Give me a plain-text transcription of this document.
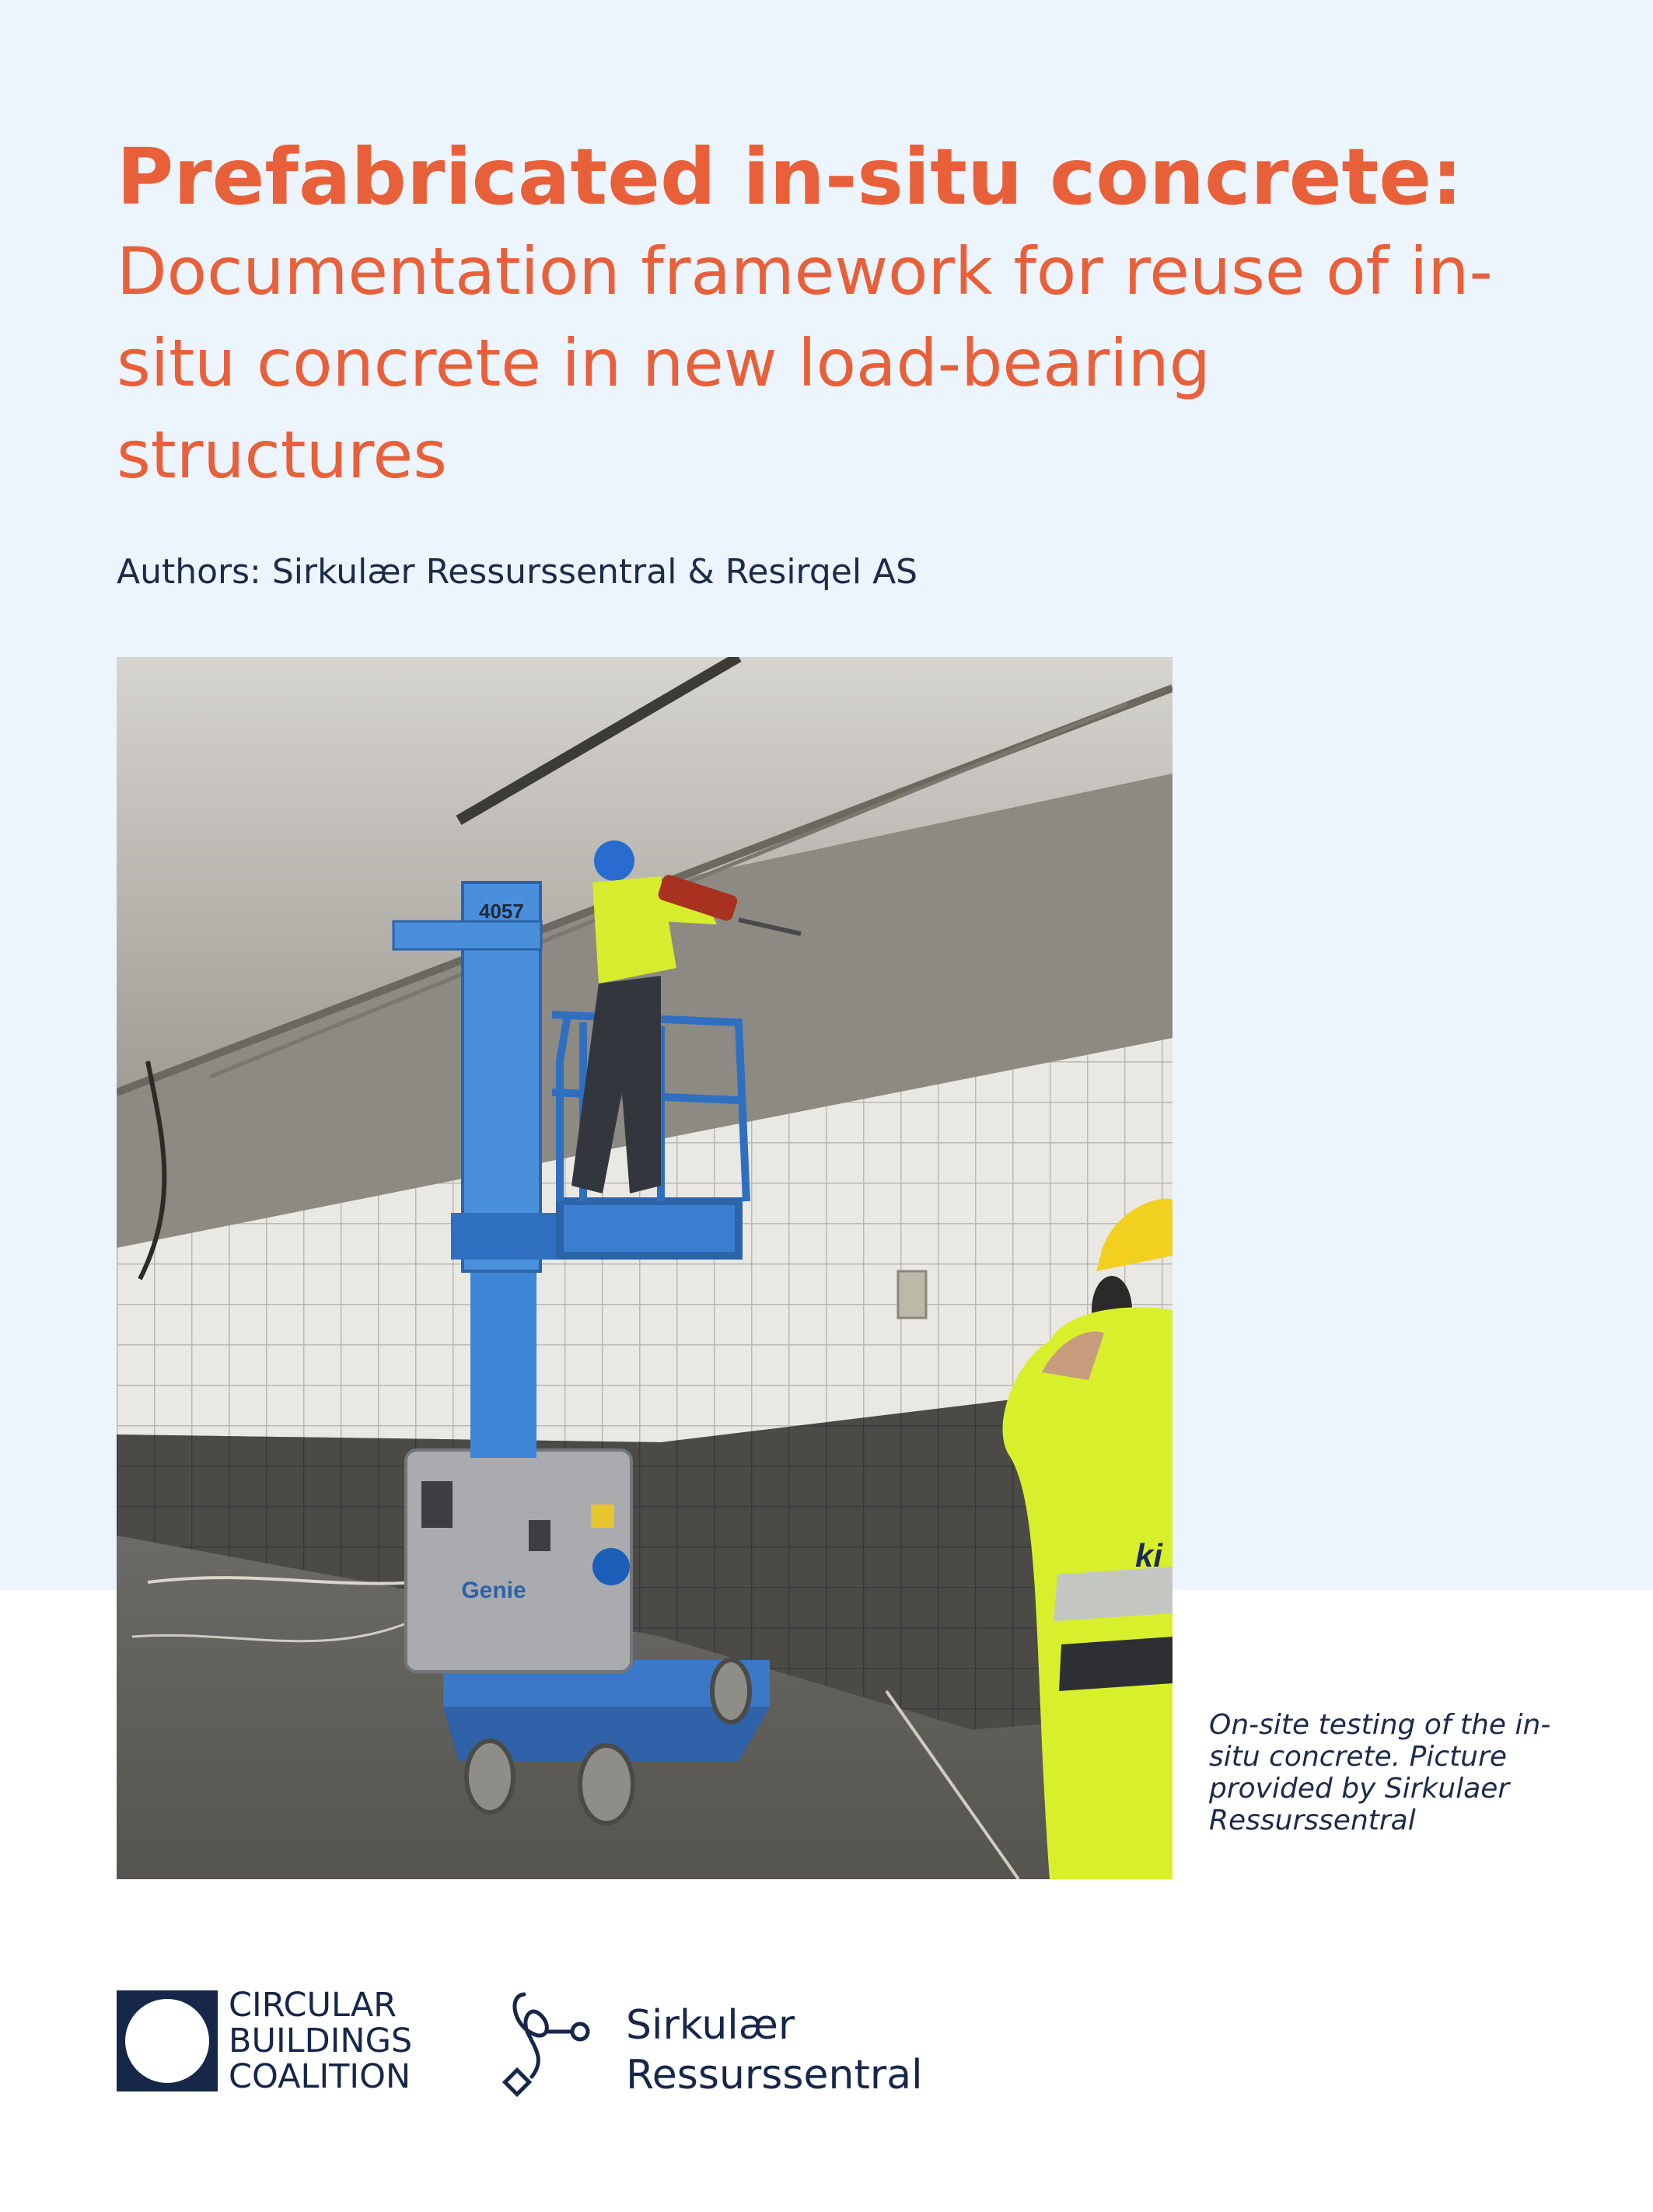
Prefabricated in-situ concrete:
Documentation framework for reuse of in-situ concrete in new load-bearing structures

Authors: Sirkulær Ressurssentral & Resirqel AS

Genie
4057
ki

On-site testing of the in-situ concrete. Picture provided by Sirkulaer Ressurssentral

CIRCULAR
BUILDINGS
COALITION

Sirkulær
Ressurssentral
